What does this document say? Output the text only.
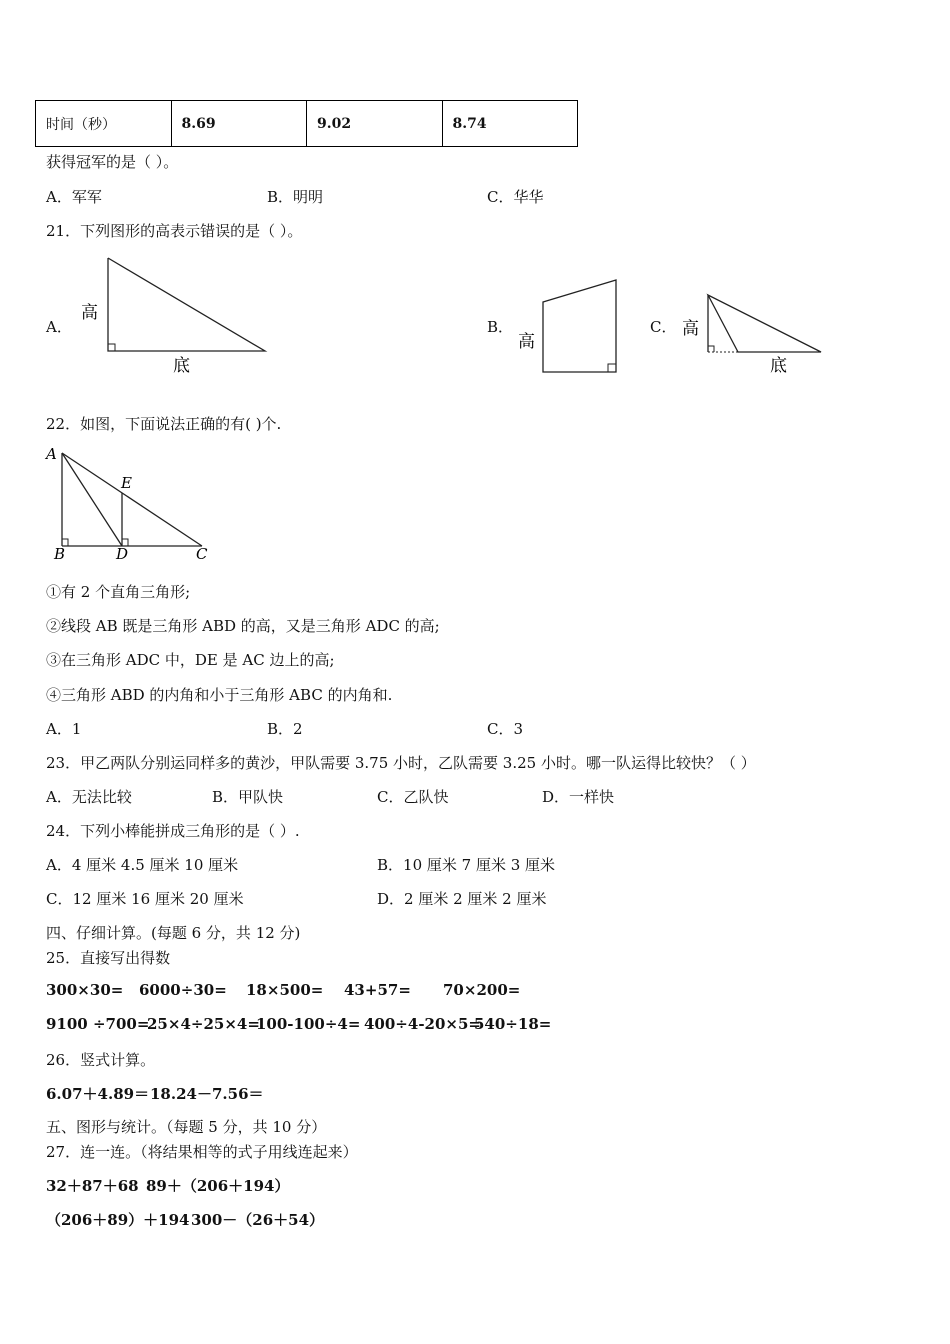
时间（秒）	8.69	9.02	8.74
获得冠军的是（ ）。
A．军军	B．明明	C．华华
21．下列图形的高表示错误的是（ ）。
A．	B．	C．
高
底
高
高
底
22．如图，下面说法正确的有( )个.
A
E
B	D	C
①有 2 个直角三角形;
②线段 AB 既是三角形 ABD 的高，又是三角形 ADC 的高;
③在三角形 ADC 中，DE 是 AC 边上的高;
④三角形 ABD 的内角和小于三角形 ABC 的内角和.
A．1	B．2	C．3
23．甲乙两队分别运同样多的黄沙，甲队需要 3.75 小时，乙队需要 3.25 小时。哪一队运得比较快？（ ）
A．无法比较	B．甲队快	C．乙队快	D．一样快
24．下列小棒能拼成三角形的是（ ）.
A．4 厘米 4.5 厘米 10 厘米	B．10 厘米 7 厘米 3 厘米
C．12 厘米 16 厘米 20 厘米	D．2 厘米 2 厘米 2 厘米
四、仔细计算。(每题 6 分，共 12 分)
25．直接写出得数
300×30= 6000÷30= 18×500= 43+57= 70×200=
9100 ÷700=
25×4÷25×4=
100-100÷4= 400÷4-20×5=
540÷18=
26．竖式计算。
6.07＋4.89＝ 18.24－7.56＝
五、图形与统计。（每题 5 分，共 10 分）
27．连一连。（将结果相等的式子用线连起来）
32＋87＋68 89＋（206＋194）
（206＋89）＋194 300－（26＋54）
